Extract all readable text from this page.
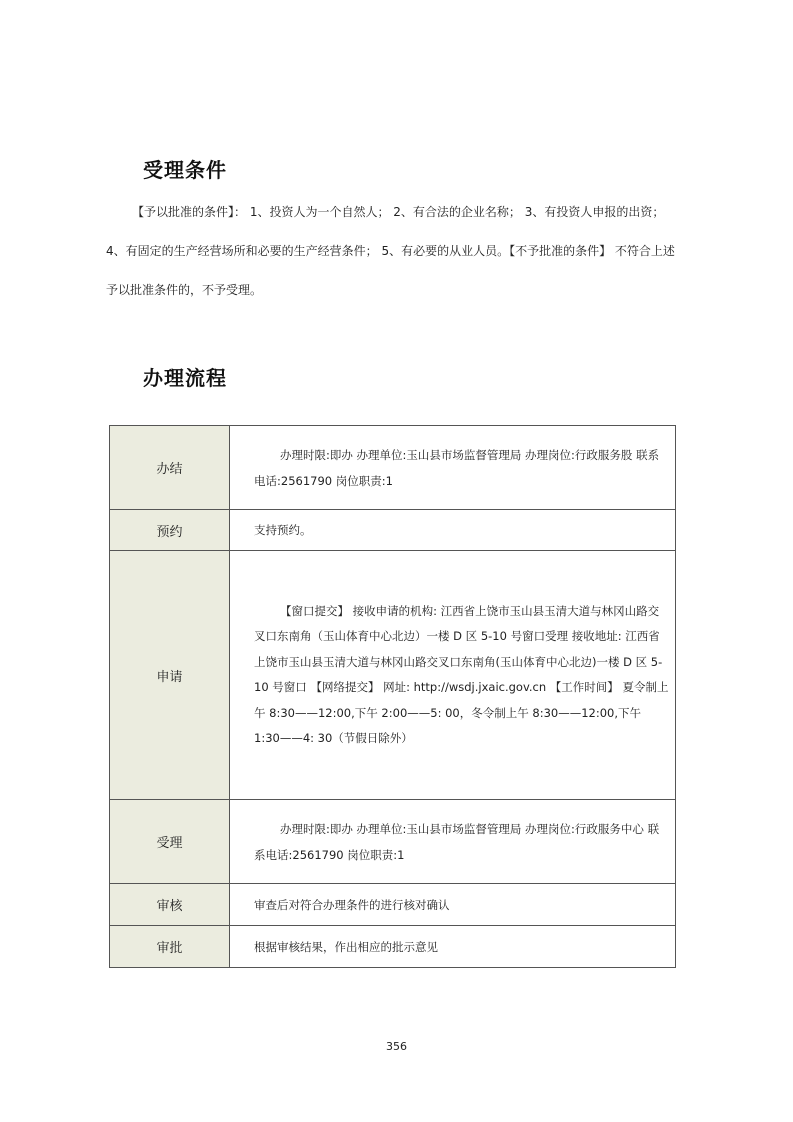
受理条件
【予以批准的条件】： 1、投资人为一个自然人； 2、有合法的企业名称； 3、有投资人申报的出资； 4、有固定的生产经营场所和必要的生产经营条件； 5、有必要的从业人员。【不予批准的条件】 不符合上述予以批准条件的，不予受理。
办理流程
办结	办理时限:即办 办理单位:玉山县市场监督管理局 办理岗位:行政服务股 联系电话:2561790 岗位职责:1
预约	支持预约。
申请	【窗口提交】 接收申请的机构: 江西省上饶市玉山县玉清大道与林冈山路交叉口东南角（玉山体育中心北边）一楼 D 区 5-10 号窗口受理 接收地址: 江西省上饶市玉山县玉清大道与林冈山路交叉口东南角(玉山体育中心北边)一楼 D 区 5-10 号窗口 【网络提交】 网址: http://wsdj.jxaic.gov.cn 【工作时间】 夏令制上午 8:30——12:00,下午 2:00——5: 00，冬令制上午 8:30——12:00,下午 1:30——4: 30（节假日除外）
受理	办理时限:即办 办理单位:玉山县市场监督管理局 办理岗位:行政服务中心 联系电话:2561790 岗位职责:1
审核	审查后对符合办理条件的进行核对确认
审批	根据审核结果，作出相应的批示意见
356
